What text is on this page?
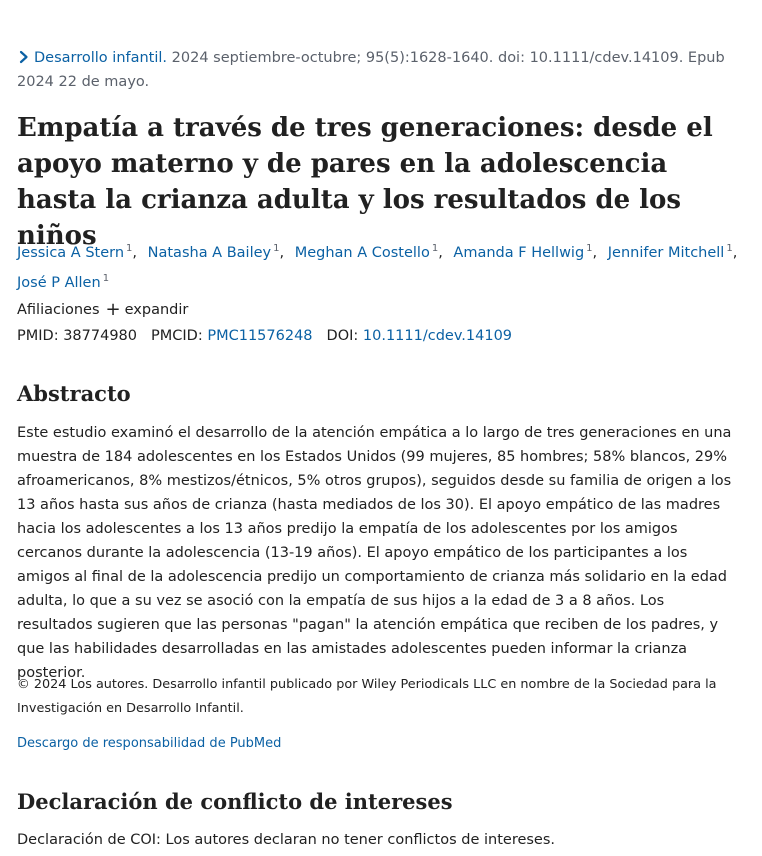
Desarrollo infantil. 2024 septiembre-octubre; 95(5):1628-1640. doi: 10.1111/cdev.14109. Epub 2024 22 de mayo.
Empatía a través de tres generaciones: desde el apoyo materno y de pares en la adolescencia hasta la crianza adulta y los resultados de los niños
Jessica A Stern $^1$, Natasha A Bailey $^1$, Meghan A Costello $^1$, Amanda F Hellwig $^1$, Jennifer Mitchell $^1$, José P Allen $^1$
Afiliaciones + expandir
PMID: 38774980 PMCID: PMC11576248 DOI: 10.1111/cdev.14109
Abstracto

Este estudio examinó el desarrollo de la atención empática a lo largo de tres generaciones en una muestra de 184 adolescentes en los Estados Unidos (99 mujeres, 85 hombres; 58% blancos, 29% afroamericanos, 8% mestizos/étnicos, 5% otros grupos), seguidos desde su familia de origen a los 13 años hasta sus años de crianza (hasta mediados de los 30). El apoyo empático de las madres hacia los adolescentes a los 13 años predijo la empatía de los adolescentes por los amigos cercanos durante la adolescencia (13-19 años). El apoyo empático de los participantes a los amigos al final de la adolescencia predijo un comportamiento de crianza más solidario en la edad adulta, lo que a su vez se asoció con la empatía de sus hijos a la edad de 3 a 8 años. Los resultados sugieren que las personas "pagan" la atención empática que reciben de los padres, y que las habilidades desarrolladas en las amistades adolescentes pueden informar la crianza posterior.

© 2024 Los autores. Desarrollo infantil publicado por Wiley Periodicals LLC en nombre de la Sociedad para la Investigación en Desarrollo Infantil.

Descargo de responsabilidad de PubMed
Declaración de conflicto de intereses

Declaración de COI: Los autores declaran no tener conflictos de intereses.
